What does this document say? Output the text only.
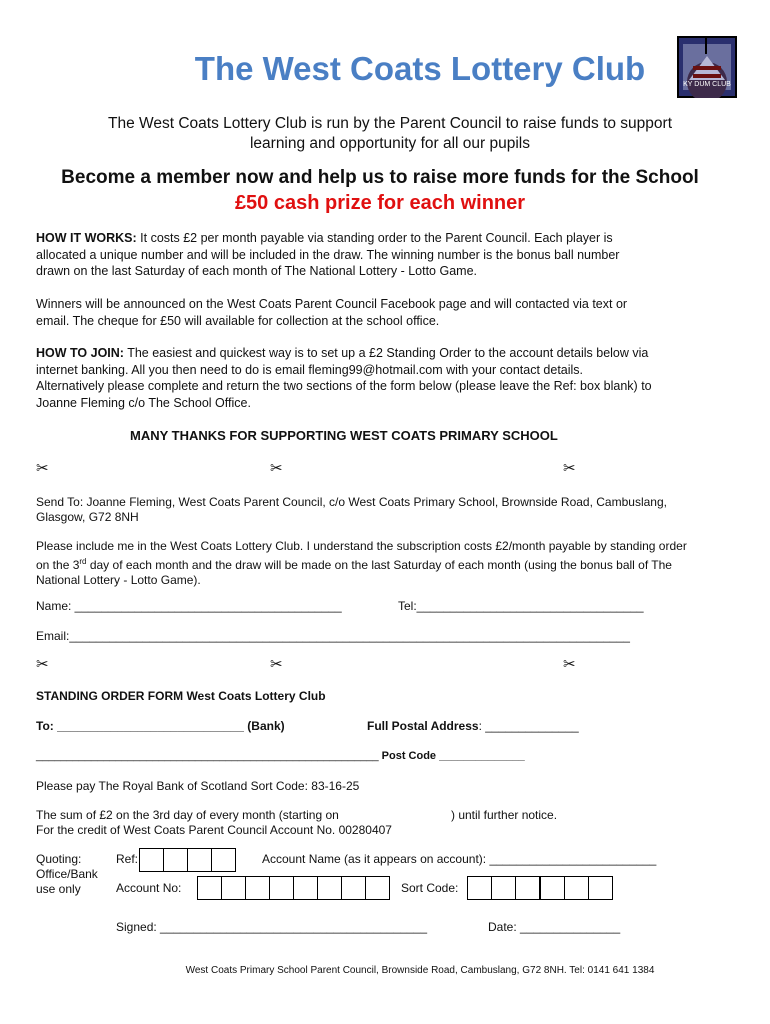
The West Coats Lottery Club	KY DUM CLUB
The West Coats Lottery Club is run by the Parent Council to raise funds to support
learning and opportunity for all our pupils
Become a member now and help us to raise more funds for the School
£50 cash prize for each winner
HOW IT WORKS: It costs £2 per month payable via standing order to the Parent Council. Each player is
allocated a unique number and will be included in the draw. The winning number is the bonus ball number
drawn on the last Saturday of each month of The National Lottery - Lotto Game.
Winners will be announced on the West Coats Parent Council Facebook page and will contacted via text or
email. The cheque for £50 will available for collection at the school office.
HOW TO JOIN: The easiest and quickest way is to set up a £2 Standing Order to the account details below via
internet banking. All you then need to do is email fleming99@hotmail.com with your contact details.
Alternatively please complete and return the two sections of the form below (please leave the Ref: box blank) to
Joanne Fleming c/o The School Office.
MANY THANKS FOR SUPPORTING WEST COATS PRIMARY SCHOOL
✂	✂	✂
Send To: Joanne Fleming, West Coats Parent Council, c/o West Coats Primary School, Brownside Road, Cambuslang,
Glasgow, G72 8NH
Please include me in the West Coats Lottery Club. I understand the subscription costs £2/month payable by standing order
on the 3rd day of each month and the draw will be made on the last Saturday of each month (using the bonus ball of The
National Lottery - Lotto Game).
Name: ________________________________________	Tel:__________________________________
Email:____________________________________________________________________________________
✂	✂	✂
STANDING ORDER FORM West Coats Lottery Club
To: ____________________________ (Bank)	Full Postal Address: ______________
________________________________________________________ Post Code ______________
Please pay The Royal Bank of Scotland Sort Code: 83-16-25
The sum of £2 on the 3rd day of every month (starting on	) until further notice.
For the credit of West Coats Parent Council Account No. 00280407
Quoting:
Office/Bank
use only
Ref:	Account Name (as it appears on account): _________________________
Account No:	Sort Code:
Signed: ________________________________________	Date: _______________
West Coats Primary School Parent Council, Brownside Road, Cambuslang, G72 8NH. Tel: 0141 641 1384
